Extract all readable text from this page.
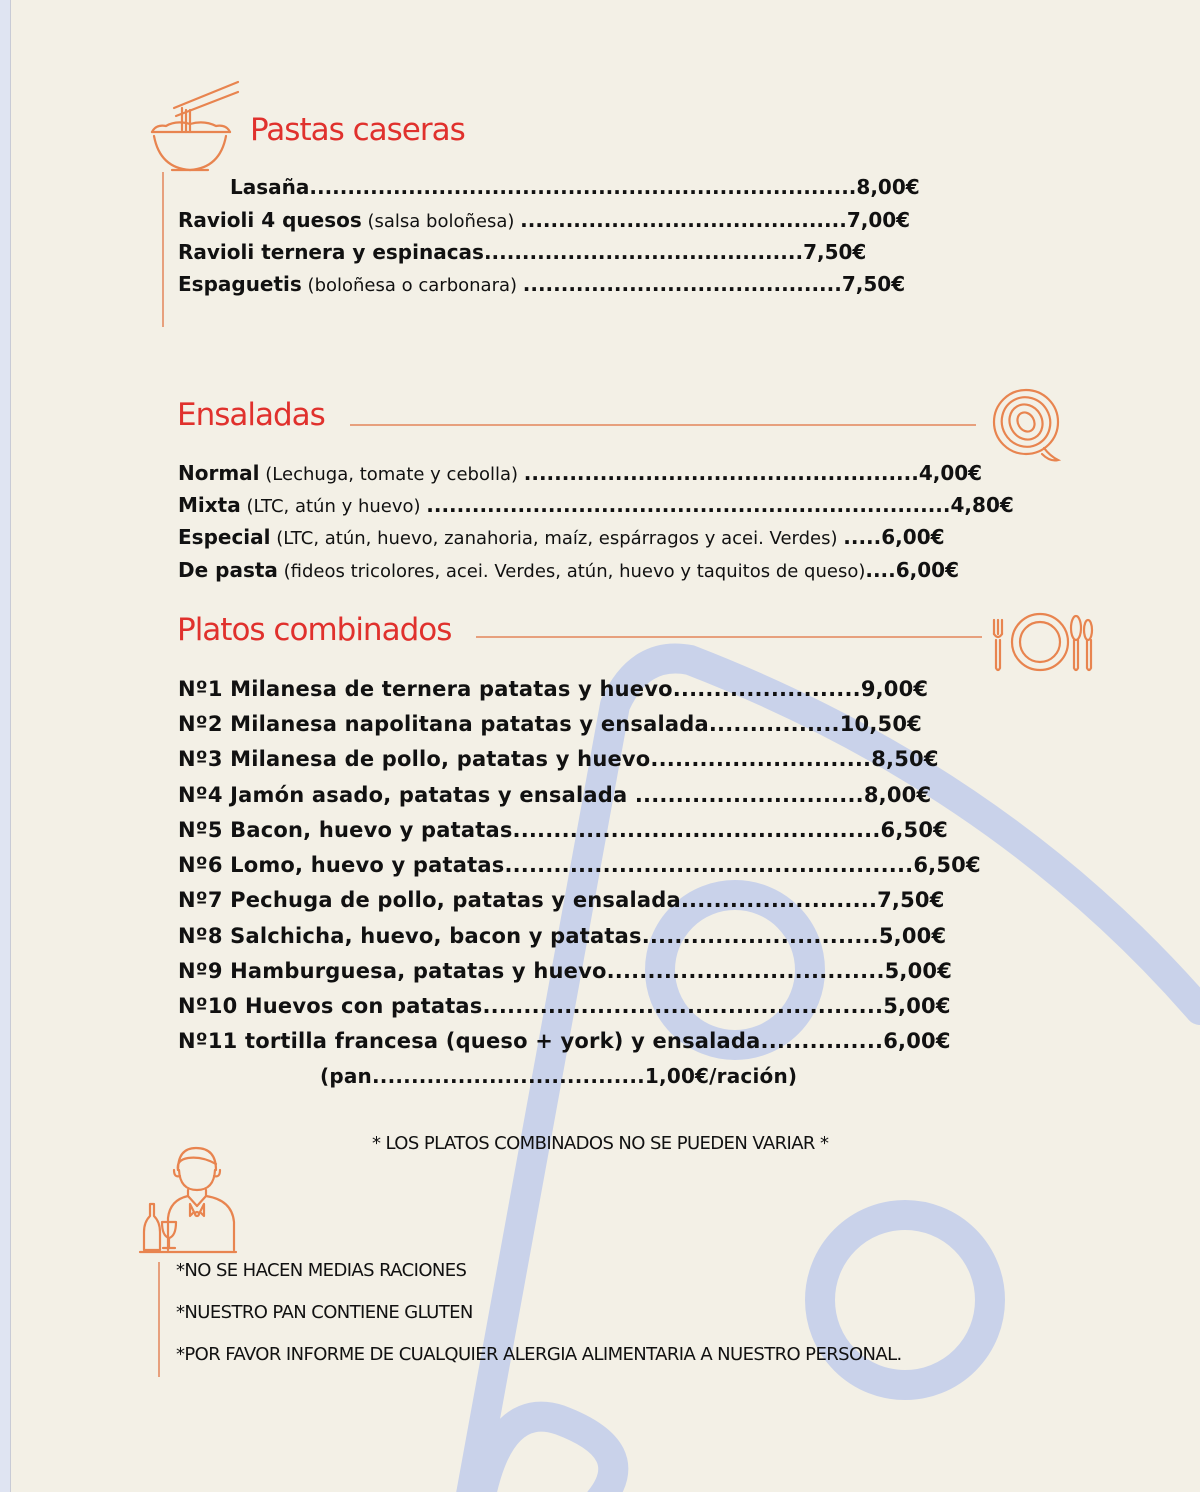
Pastas caseras
Lasaña........................................................................8,00€
Ravioli 4 quesos (salsa boloñesa) ...........................................7,00€
Ravioli ternera y espinacas..........................................7,50€
Espaguetis (boloñesa o carbonara) ..........................................7,50€
Ensaladas
Normal (Lechuga, tomate y cebolla) ....................................................4,00€
Mixta (LTC, atún y huevo) .....................................................................4,80€
Especial (LTC, atún, huevo, zanahoria, maíz, espárragos y acei. Verdes) .....6,00€
De pasta (fideos tricolores, acei. Verdes, atún, huevo y taquitos de queso)....6,00€
Platos combinados
Nº1 Milanesa de ternera patatas y huevo.......................9,00€
Nº2 Milanesa napolitana patatas y ensalada................10,50€
Nº3 Milanesa de pollo, patatas y huevo...........................8,50€
Nº4 Jamón asado, patatas y ensalada ............................8,00€
Nº5 Bacon, huevo y patatas.............................................6,50€
Nº6 Lomo, huevo y patatas..................................................6,50€
Nº7 Pechuga de pollo, patatas y ensalada........................7,50€
Nº8 Salchicha, huevo, bacon y patatas.............................5,00€
Nº9 Hamburguesa, patatas y huevo..................................5,00€
Nº10 Huevos con patatas.................................................5,00€
Nº11 tortilla francesa (queso + york) y ensalada...............6,00€
(pan...................................1,00€/ración)
* LOS PLATOS COMBINADOS NO SE PUEDEN VARIAR *
*NO SE HACEN MEDIAS RACIONES
*NUESTRO PAN CONTIENE GLUTEN
*POR FAVOR INFORME DE CUALQUIER ALERGIA ALIMENTARIA A NUESTRO PERSONAL.
